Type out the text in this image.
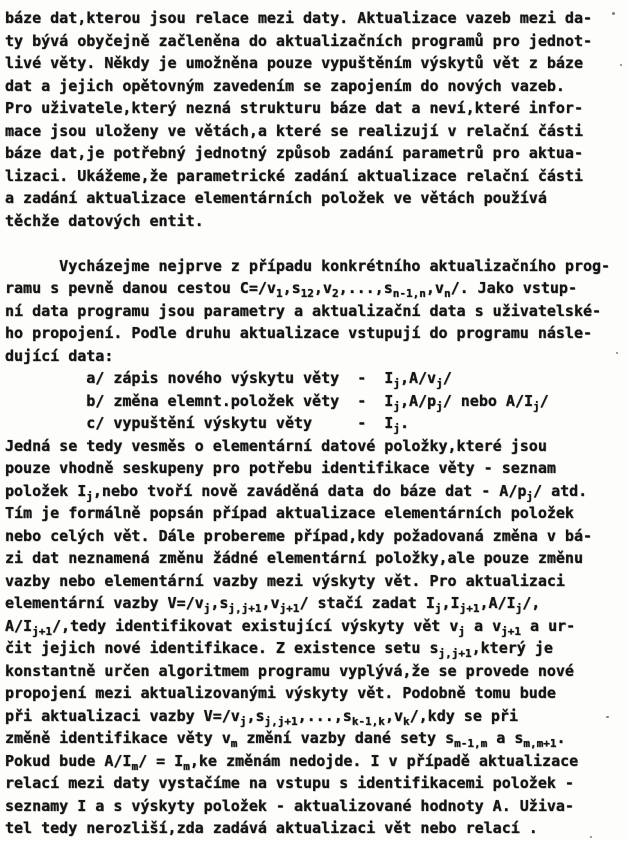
báze dat,kterou jsou relace mezi daty. Aktualizace vazeb mezi da-
ty bývá obyčejně začleněna do aktualizačních programů pro jednot-
livé věty. Někdy je umožněna pouze vypuštěním výskytů vět z báze
dat a jejich opětovným zavedením se zapojením do nových vazeb.
Pro uživatele,který nezná strukturu báze dat a neví,které infor-
mace jsou uloženy ve větách,a které se realizují v relační části
báze dat,je potřebný jednotný způsob zadání parametrů pro aktua-
lizaci. Ukážeme,že parametrické zadání aktualizace relační části
a zadání aktualizace elementárních položek ve větách používá
těchže datových entit.

Vycházejme nejprve z případu konkrétního aktualizačního prog-
ramu s pevně danou cestou $C=/v_1,s_{12},v_2,...,s_{n-1,n},v_n/$. Jako vstup-
ní data programu jsou parametry a aktualizační data s uživatelské-
ho propojení. Podle druhu aktualizace vstupují do programu násle-
dující data:
a/ zápis nového výskytu věty  -  $I_j,A/v_j/$
b/ změna elemnt.položek věty  -  $I_j,A/p_j/$ nebo $A/I_j/$
c/ vypuštění výskytu věty     -  $I_j$.
Jedná se tedy vesměs o elementární datové položky,které jsou
pouze vhodně seskupeny pro potřebu identifikace věty - seznam
položek $I_j,nebo$ tvoří nově zaváděná data do báze dat - $A/p_j/$ atd.
Tím je formálně popsán případ aktualizace elementárních položek
nebo celých vět. Dále probereme případ,kdy požadovaná změna v bá-
zi dat neznamená změnu žádné elementární položky,ale pouze změnu
vazby nebo elementární vazby mezi výskyty vět. Pro aktualizaci
elementární vazby $V=/v_j,s_{j,j+1},v_{j+1}/$ stačí zadat $I_j,I_{j+1},A/I_j/$,
$A/I_{j+1}/,tedy$ identifikovat existující výskyty vět $v_j$ a $v_{j+1}$ a ur-
čit jejich nové identifikace. Z existence setu $s_{j,j+1},který$ je
konstantně určen algoritmem programu vyplývá,že se provede nové
propojení mezi aktualizovanými výskyty vět. Podobně tomu bude
při aktualizaci vazby $V=/v_j,s_{j,j+1},...,s_{k-1,k},v_k/,kdy$ se při
změně identifikace věty $v_m$ změní vazby dané sety $s_{m-1,m}$ a $s_{m,m+1}$.
Pokud bude $A/I_m/ = I_m,ke$ změnám nedojde. I v případě aktualizace
relací mezi daty vystačíme na vstupu s identifikacemi položek -
seznamy I a s výskyty položek - aktualizované hodnoty A. Uživa-
tel tedy nerozliší,zda zadává aktualizaci vět nebo relací .
